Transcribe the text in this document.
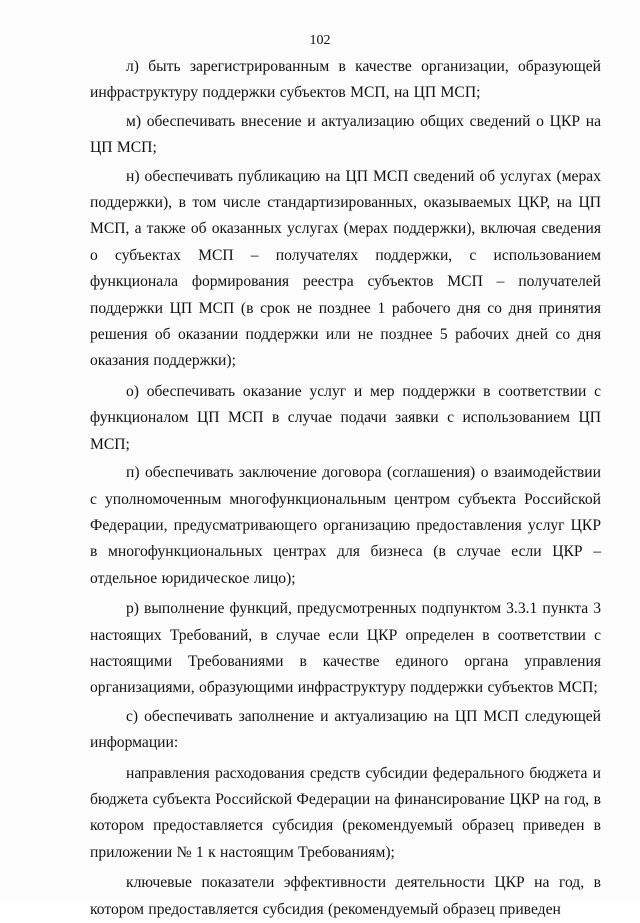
102

л) быть зарегистрированным в качестве организации, образующей инфраструктуру поддержки субъектов МСП, на ЦП МСП;

м) обеспечивать внесение и актуализацию общих сведений о ЦКР на ЦП МСП;

н) обеспечивать публикацию на ЦП МСП сведений об услугах (мерах поддержки), в том числе стандартизированных, оказываемых ЦКР, на ЦП МСП, а также об оказанных услугах (мерах поддержки), включая сведения о субъектах МСП – получателях поддержки, с использованием функционала формирования реестра субъектов МСП – получателей поддержки ЦП МСП (в срок не позднее 1 рабочего дня со дня принятия решения об оказании поддержки или не позднее 5 рабочих дней со дня оказания поддержки);

о) обеспечивать оказание услуг и мер поддержки в соответствии с функционалом ЦП МСП в случае подачи заявки с использованием ЦП МСП;

п) обеспечивать заключение договора (соглашения) о взаимодействии с уполномоченным многофункциональным центром субъекта Российской Федерации, предусматривающего организацию предоставления услуг ЦКР в многофункциональных центрах для бизнеса (в случае если ЦКР – отдельное юридическое лицо);

р) выполнение функций, предусмотренных подпунктом 3.3.1 пункта 3 настоящих Требований, в случае если ЦКР определен в соответствии с настоящими Требованиями в качестве единого органа управления организациями, образующими инфраструктуру поддержки субъектов МСП;

с) обеспечивать заполнение и актуализацию на ЦП МСП следующей информации:

направления расходования средств субсидии федерального бюджета и бюджета субъекта Российской Федерации на финансирование ЦКР на год, в котором предоставляется субсидия (рекомендуемый образец приведен в приложении № 1 к настоящим Требованиям);

ключевые показатели эффективности деятельности ЦКР на год, в котором предоставляется субсидия (рекомендуемый образец приведен
